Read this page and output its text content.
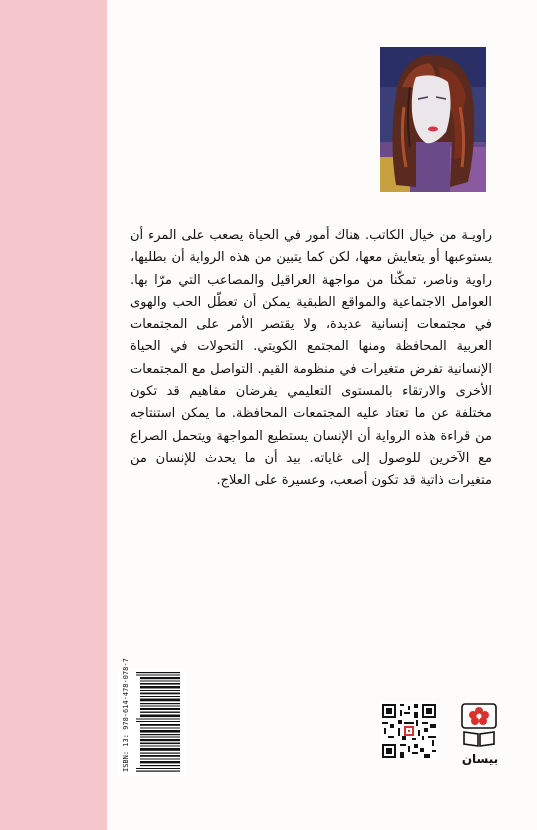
راويـة من خيال الكاتب. هناك أمور في الحياة يصعب على المرء أن يستوعبها أو يتعايش معها، لكن كما يتبين من هذه الرواية أن بطليها، راوية وناصر، تمكّنا من مواجهة العراقيل والمصاعب التي مرّا بها. العوامل الاجتماعية والمواقع الطبقية يمكن أن تعطّل الحب والهوى في مجتمعات إنسانية عديدة، ولا يقتصر الأمر على المجتمعات العربية المحافظة ومنها المجتمع الكويتي. التحولات في الحياة الإنسانية تفرض متغيرات في منظومة القيم. التواصل مع المجتمعات الأخرى والارتقاء بالمستوى التعليمي يفرضان مفاهيم قد تكون مختلفة عن ما تعتاد عليه المجتمعات المحافظة. ما يمكن استنتاجه من قراءة هذه الرواية أن الإنسان يستطيع المواجهة ويتحمل الصراع مع الآخرين للوصول إلى غاياته. بيد أن ما يحدث للإنسان من متغيرات ذاتية قد تكون أصعب، وعسيرة على العلاج.

ISBN: 13: 978-614-478-078-7	بيسان
